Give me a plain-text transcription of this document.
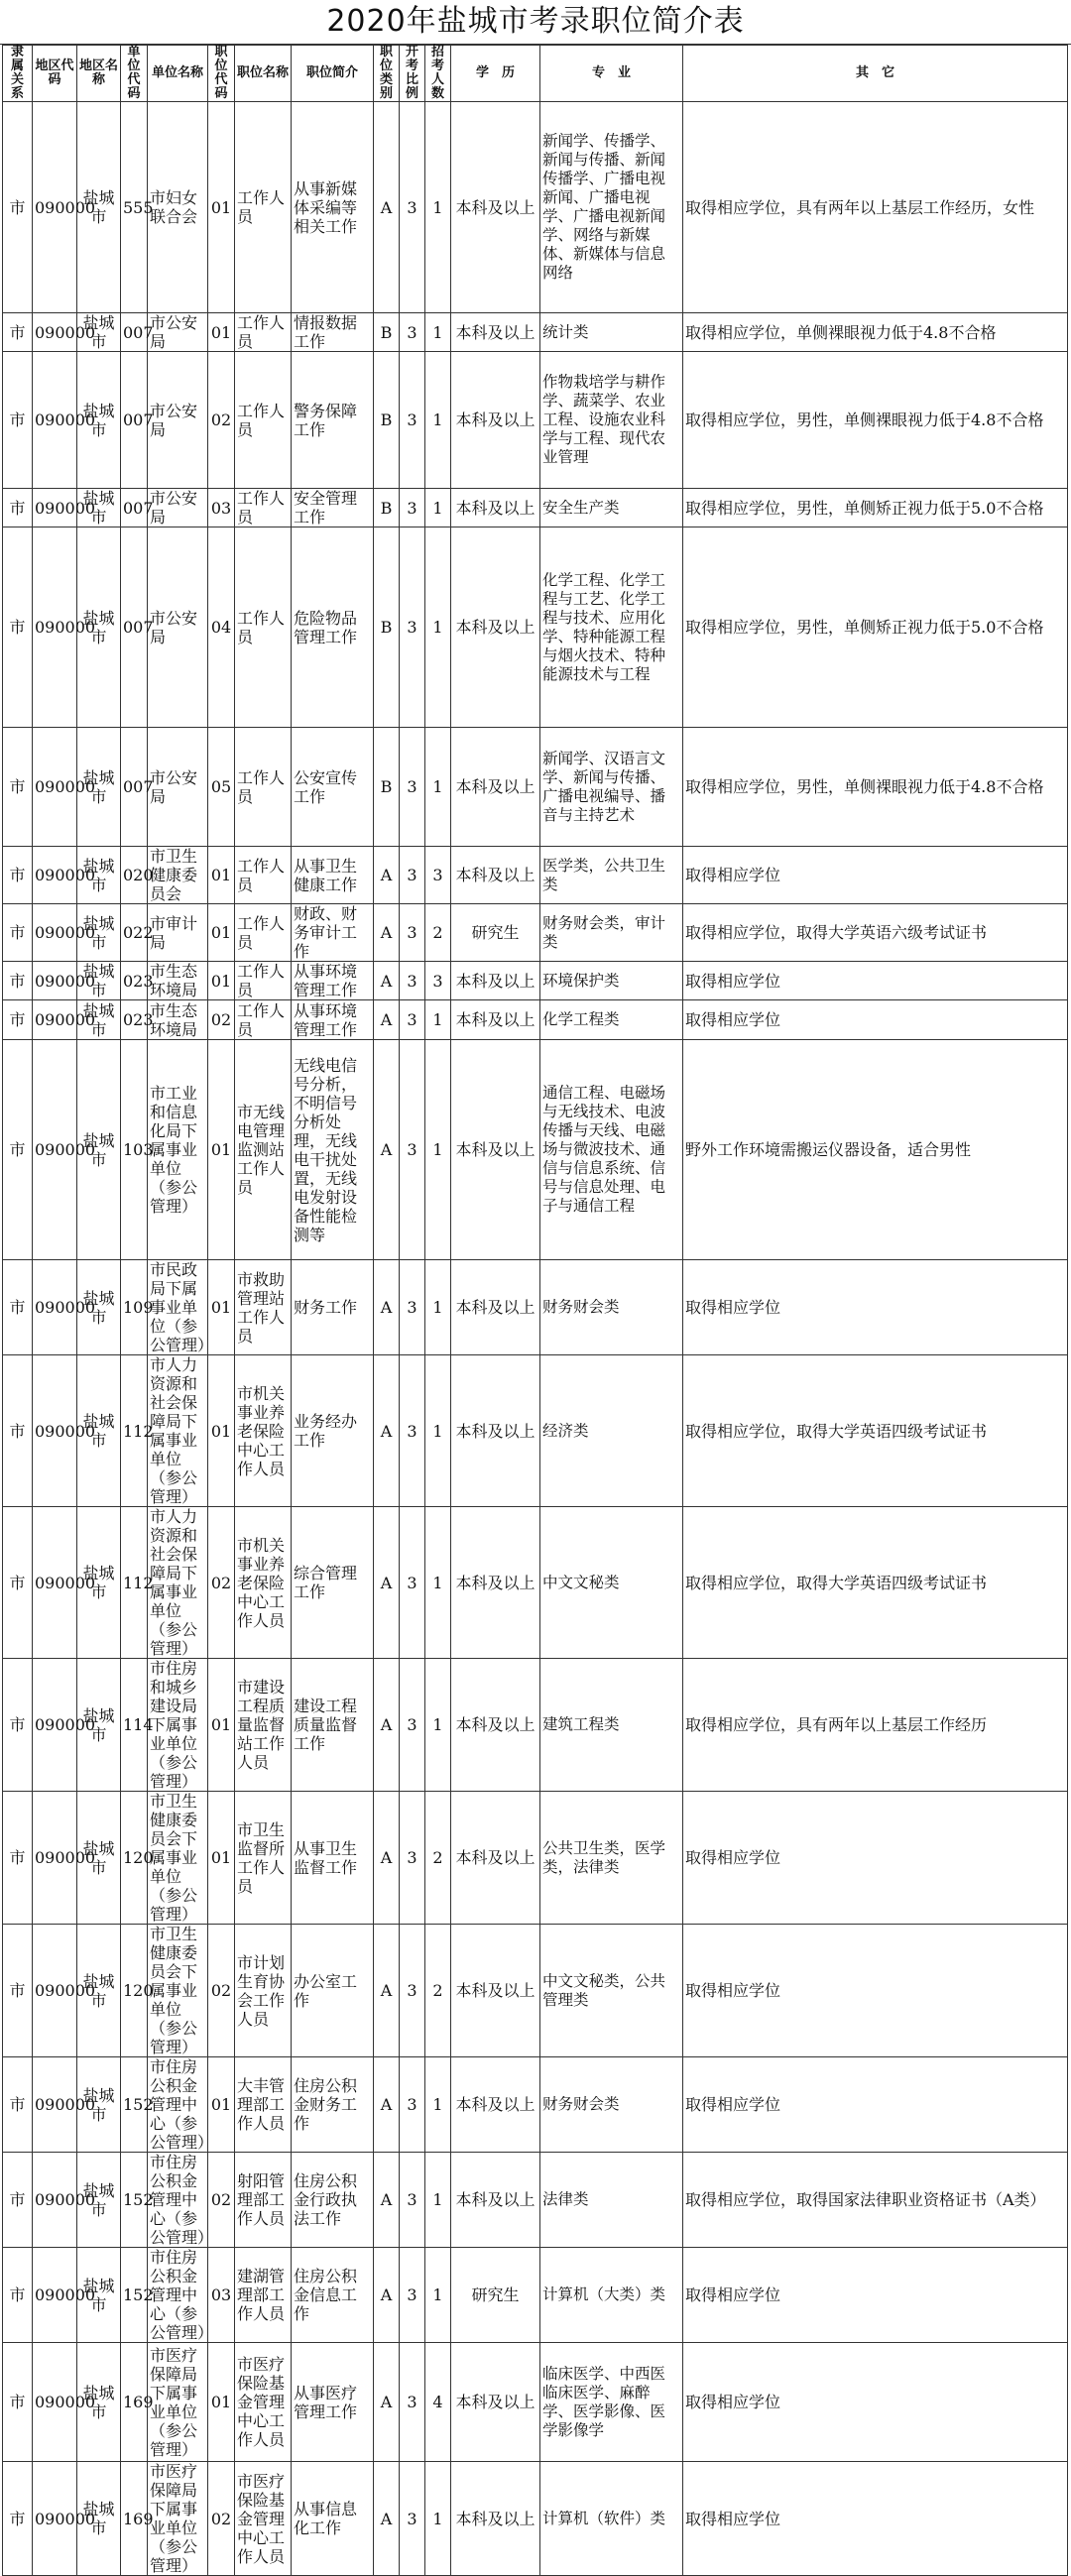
2020年盐城市考录职位简介表
隶属关系	地区代码	地区名称	单位代码	单位名称	职位代码	职位名称	职位简介	职位类别	开考比例	招考人数	学　历	专　业	其　它
市	090000	盐城市	555	市妇女联合会	01	工作人员	从事新媒体采编等相关工作	A	3	1	本科及以上	新闻学、传播学、新闻与传播、新闻传播学、广播电视新闻、广播电视学、广播电视新闻学、网络与新媒体、新媒体与信息网络	取得相应学位，具有两年以上基层工作经历，女性
市	090000	盐城市	007	市公安局	01	工作人员	情报数据工作	B	3	1	本科及以上	统计类	取得相应学位，单侧裸眼视力低于4.8不合格
市	090000	盐城市	007	市公安局	02	工作人员	警务保障工作	B	3	1	本科及以上	作物栽培学与耕作学、蔬菜学、农业工程、设施农业科学与工程、现代农业管理	取得相应学位，男性，单侧裸眼视力低于4.8不合格
市	090000	盐城市	007	市公安局	03	工作人员	安全管理工作	B	3	1	本科及以上	安全生产类	取得相应学位，男性，单侧矫正视力低于5.0不合格
市	090000	盐城市	007	市公安局	04	工作人员	危险物品管理工作	B	3	1	本科及以上	化学工程、化学工程与工艺、化学工程与技术、应用化学、特种能源工程与烟火技术、特种能源技术与工程	取得相应学位，男性，单侧矫正视力低于5.0不合格
市	090000	盐城市	007	市公安局	05	工作人员	公安宣传工作	B	3	1	本科及以上	新闻学、汉语言文学、新闻与传播、广播电视编导、播音与主持艺术	取得相应学位，男性，单侧裸眼视力低于4.8不合格
市	090000	盐城市	020	市卫生健康委员会	01	工作人员	从事卫生健康工作	A	3	3	本科及以上	医学类，公共卫生类	取得相应学位
市	090000	盐城市	022	市审计局	01	工作人员	财政、财务审计工作	A	3	2	研究生	财务财会类，审计类	取得相应学位，取得大学英语六级考试证书
市	090000	盐城市	023	市生态环境局	01	工作人员	从事环境管理工作	A	3	3	本科及以上	环境保护类	取得相应学位
市	090000	盐城市	023	市生态环境局	02	工作人员	从事环境管理工作	A	3	1	本科及以上	化学工程类	取得相应学位
市	090000	盐城市	103	市工业和信息化局下属事业单位（参公管理）	01	市无线电管理监测站工作人员	无线电信号分析，不明信号分析处理，无线电干扰处置，无线电发射设备性能检测等	A	3	1	本科及以上	通信工程、电磁场与无线技术、电波传播与天线、电磁场与微波技术、通信与信息系统、信号与信息处理、电子与通信工程	野外工作环境需搬运仪器设备，适合男性
市	090000	盐城市	109	市民政局下属事业单位（参公管理）	01	市救助管理站工作人员	财务工作	A	3	1	本科及以上	财务财会类	取得相应学位
市	090000	盐城市	112	市人力资源和社会保障局下属事业单位（参公管理）	01	市机关事业养老保险中心工作人员	业务经办工作	A	3	1	本科及以上	经济类	取得相应学位，取得大学英语四级考试证书
市	090000	盐城市	112	市人力资源和社会保障局下属事业单位（参公管理）	02	市机关事业养老保险中心工作人员	综合管理工作	A	3	1	本科及以上	中文文秘类	取得相应学位，取得大学英语四级考试证书
市	090000	盐城市	114	市住房和城乡建设局下属事业单位（参公管理）	01	市建设工程质量监督站工作人员	建设工程质量监督工作	A	3	1	本科及以上	建筑工程类	取得相应学位，具有两年以上基层工作经历
市	090000	盐城市	120	市卫生健康委员会下属事业单位（参公管理）	01	市卫生监督所工作人员	从事卫生监督工作	A	3	2	本科及以上	公共卫生类，医学类，法律类	取得相应学位
市	090000	盐城市	120	市卫生健康委员会下属事业单位（参公管理）	02	市计划生育协会工作人员	办公室工作	A	3	2	本科及以上	中文文秘类，公共管理类	取得相应学位
市	090000	盐城市	152	市住房公积金管理中心（参公管理）	01	大丰管理部工作人员	住房公积金财务工作	A	3	1	本科及以上	财务财会类	取得相应学位
市	090000	盐城市	152	市住房公积金管理中心（参公管理）	02	射阳管理部工作人员	住房公积金行政执法工作	A	3	1	本科及以上	法律类	取得相应学位，取得国家法律职业资格证书（A类）
市	090000	盐城市	152	市住房公积金管理中心（参公管理）	03	建湖管理部工作人员	住房公积金信息工作	A	3	1	研究生	计算机（大类）类	取得相应学位
市	090000	盐城市	169	市医疗保障局下属事业单位（参公管理）	01	市医疗保险基金管理中心工作人员	从事医疗管理工作	A	3	4	本科及以上	临床医学、中西医临床医学、麻醉学、医学影像、医学影像学	取得相应学位
市	090000	盐城市	169	市医疗保障局下属事业单位（参公管理）	02	市医疗保险基金管理中心工作人员	从事信息化工作	A	3	1	本科及以上	计算机（软件）类	取得相应学位
